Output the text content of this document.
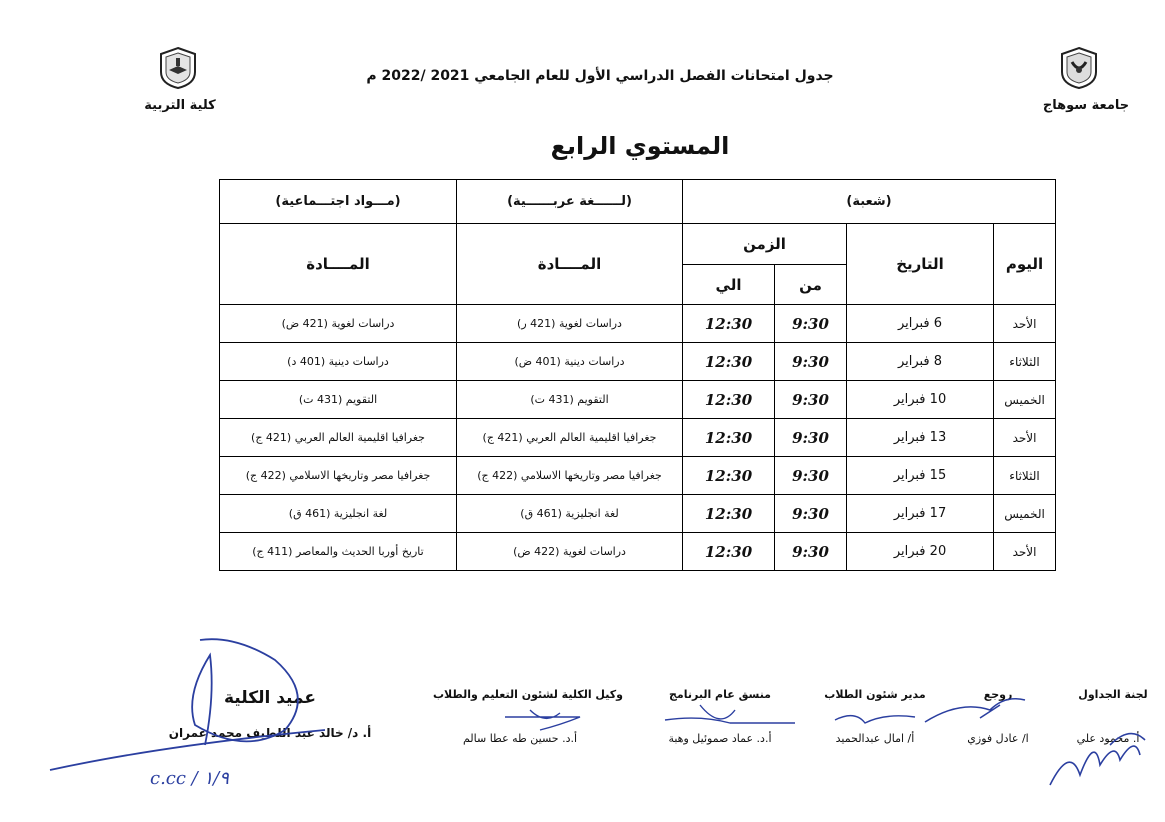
جامعة سوهاج
كلية التربية
جدول امتحانات الفصل الدراسي الأول للعام الجامعي 2021 /2022 م
المستوي الرابع
(شعبة)				(لــــــغة عربــــــية)	(مـــواد اجتـــماعية)
اليوم	التاريخ	الزمن		المــــادة	المــــادة
		من	الي		
الأحد	6 فبراير	9:30	12:30	دراسات لغوية (421 ر)	دراسات لغوية (421 ض)
الثلاثاء	8 فبراير	9:30	12:30	دراسات دينية (401 ض)	دراسات دينية (401 د)
الخميس	10 فبراير	9:30	12:30	التقويم (431 ت)	التقويم (431 ت)
الأحد	13 فبراير	9:30	12:30	جغرافيا اقليمية العالم العربي (421 ج)	جغرافيا اقليمية العالم العربي (421 ج)
الثلاثاء	15 فبراير	9:30	12:30	جغرافيا مصر وتاريخها الاسلامي (422 ج)	جغرافيا مصر وتاريخها الاسلامي (422 ج)
الخميس	17 فبراير	9:30	12:30	لغة انجليزية (461 ق)	لغة انجليزية (461 ق)
الأحد	20 فبراير	9:30	12:30	دراسات لغوية (422 ض)	تاريخ أوربا الحديث والمعاصر (411 ج)
لجنة الجداول
أ. محمود علي
روجع
ا/ عادل فوزي
مدير شئون الطلاب
أ/ امال عبدالحميد
منسق عام البرنامج
أ.د. عماد صموئيل وهبة
وكيل الكلية لشئون التعليم والطلاب
أ.د. حسين طه عطا سالم
عميد الكلية
أ. د/ خالد عبد اللطيف محمد عمران
c.cc / ١/٩
